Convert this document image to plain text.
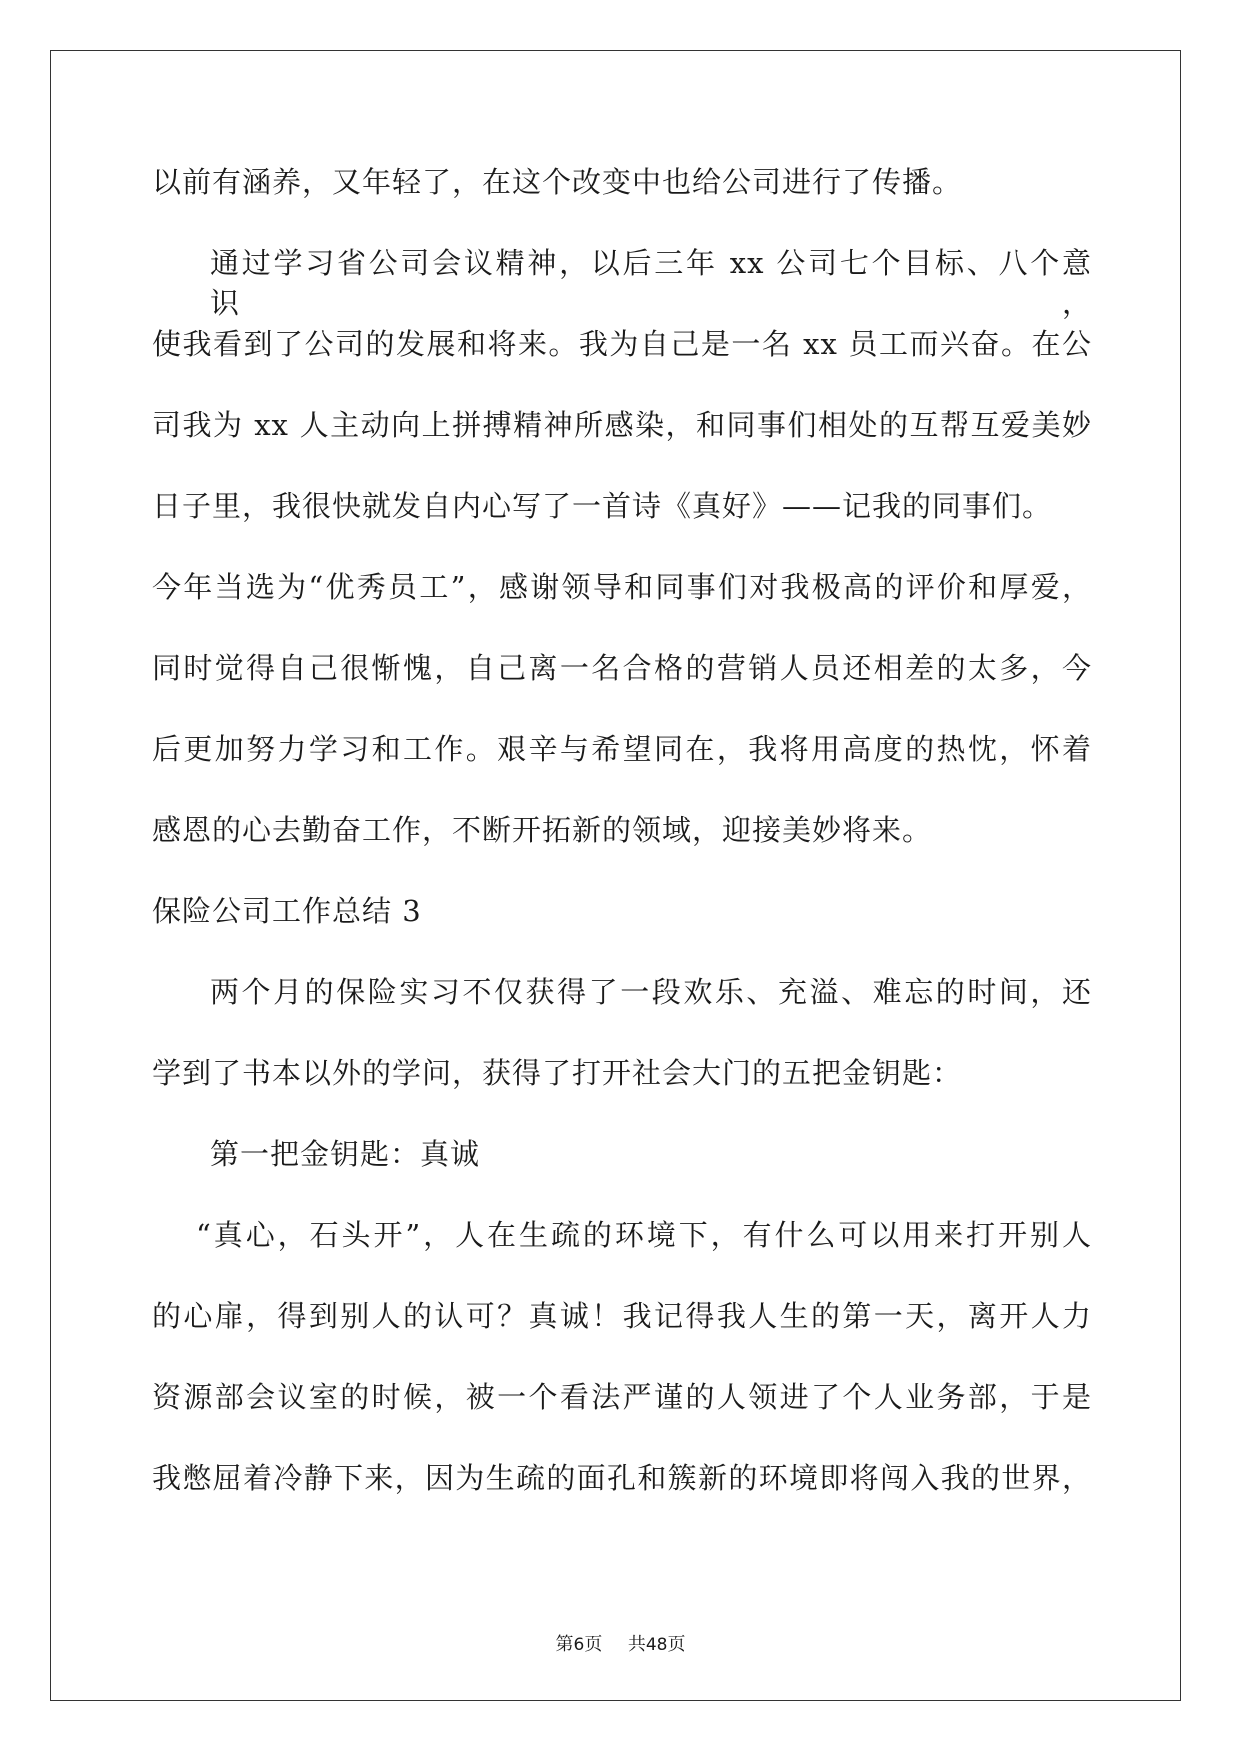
以前有涵养，又年轻了，在这个改变中也给公司进行了传播。
通过学习省公司会议精神，以后三年 xx 公司七个目标、八个意识，
使我看到了公司的发展和将来。我为自己是一名 xx 员工而兴奋。在公
司我为 xx 人主动向上拼搏精神所感染，和同事们相处的互帮互爱美妙
日子里，我很快就发自内心写了一首诗《真好》——记我的同事们。
今年当选为“优秀员工”，感谢领导和同事们对我极高的评价和厚爱，
同时觉得自己很惭愧，自己离一名合格的营销人员还相差的太多，今
后更加努力学习和工作。艰辛与希望同在，我将用高度的热忱，怀着
感恩的心去勤奋工作，不断开拓新的领域，迎接美妙将来。
保险公司工作总结 3
两个月的保险实习不仅获得了一段欢乐、充溢、难忘的时间，还
学到了书本以外的学问，获得了打开社会大门的五把金钥匙：
第一把金钥匙：真诚
“真心，石头开”，人在生疏的环境下，有什么可以用来打开别人
的心扉，得到别人的认可？真诚！我记得我人生的第一天，离开人力
资源部会议室的时候，被一个看法严谨的人领进了个人业务部，于是
我憋屈着冷静下来，因为生疏的面孔和簇新的环境即将闯入我的世界，
第6页 共48页
